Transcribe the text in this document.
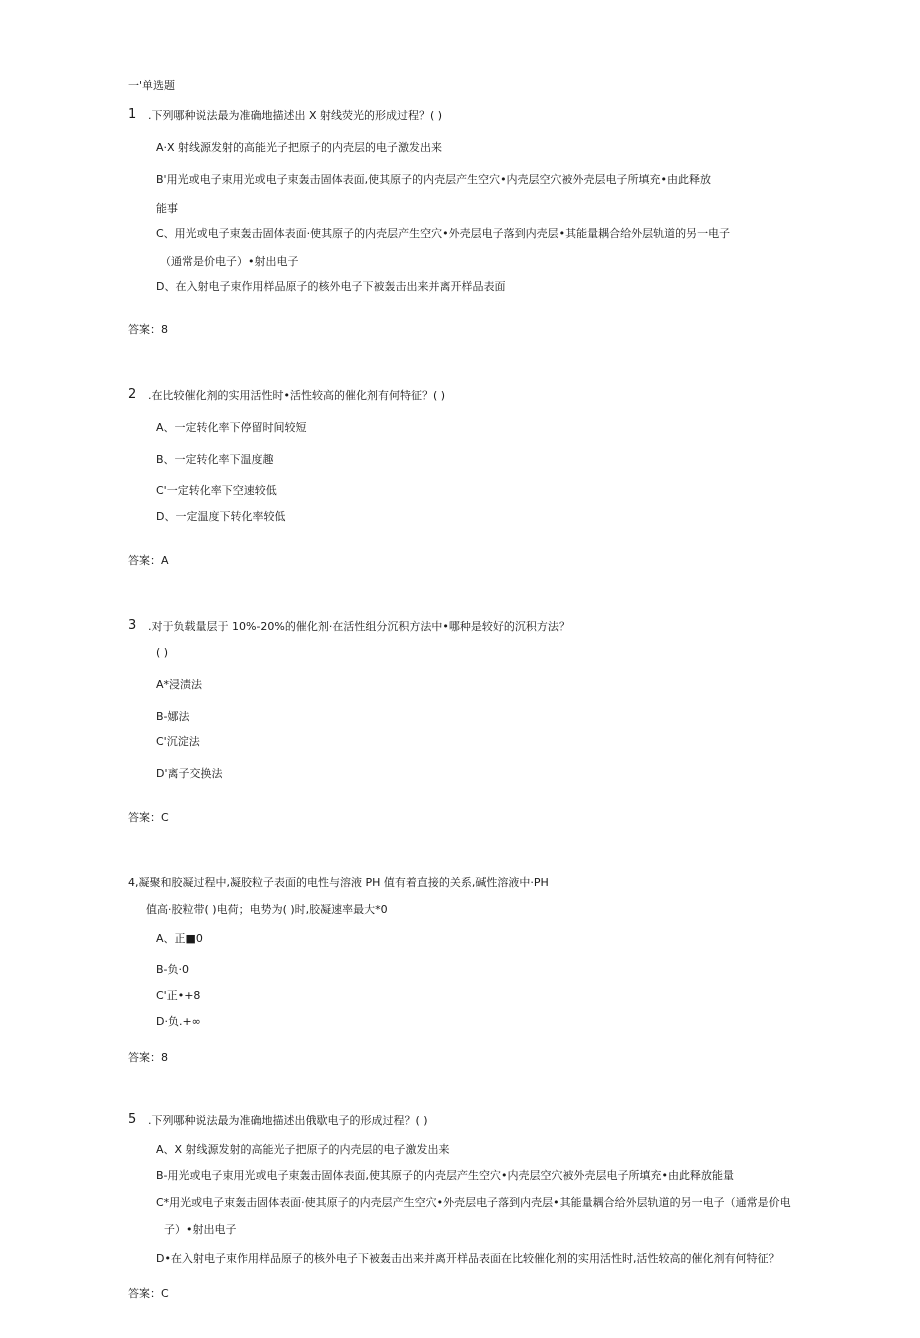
一'单选题
1 .下列哪种说法最为准确地描述出 X 射线荧光的形成过程？( )
A·X 射线源发射的高能光子把原子的内壳层的电子激发出来
B'用光或电子束用光或电子束轰击固体表面,使其原子的内壳层产生空穴•内壳层空穴被外壳层电子所填充•由此释放
能事
C、用光或电子束轰击固体表面·使其原子的内壳层产生空穴•外壳层电子落到内壳层•其能量耦合给外层轨道的另一电子
（通常是价电子）•射出电子
D、在入射电子束作用样品原子的核外电子下被轰击出来并离开样品表面
答案：8
2 .在比较催化剂的实用活性时•活性较高的催化剂有何特征？( )
A、一定转化率下停留时间较短
B、一定转化率下温度趣
C'一定转化率下空速较低
D、一定温度下转化率较低
答案：A
3 .对于负载量层于 10%-20%的催化剂·在活性组分沉积方法中•哪种是较好的沉积方法？
( )
A*浸渍法
B-娜法
C'沉淀法
D'离子交换法
答案：C
4,凝聚和胶凝过程中,凝胶粒子表面的电性与溶液 PH 值有着直接的关系,碱性溶液中·PH
值高·胶粒带( )电荷；电势为( )时,胶凝速率最大*0
A、正■0
B-负·0
C'正•+8
D·负.+∞
答案：8
5 .下列哪种说法最为准确地描述出俄歇电子的形成过程？( )
A、X 射线源发射的高能光子把原子的内壳层的电子激发出来
B-用光或电子束用光或电子束轰击固体表面,使其原子的内壳层产生空穴•内壳层空穴被外壳层电子所填充•由此释放能量
C*用光或电子束轰击固体表面·使其原子的内壳层产生空穴•外壳层电子落到内壳层•其能量耦合给外层轨道的另一电子（通常是价电
子）•射出电子
D•在入射电子束作用样品原子的核外电子下被轰击出来并离开样品表面在比较催化剂的实用活性时,活性较高的催化剂有何特征？
答案：C
